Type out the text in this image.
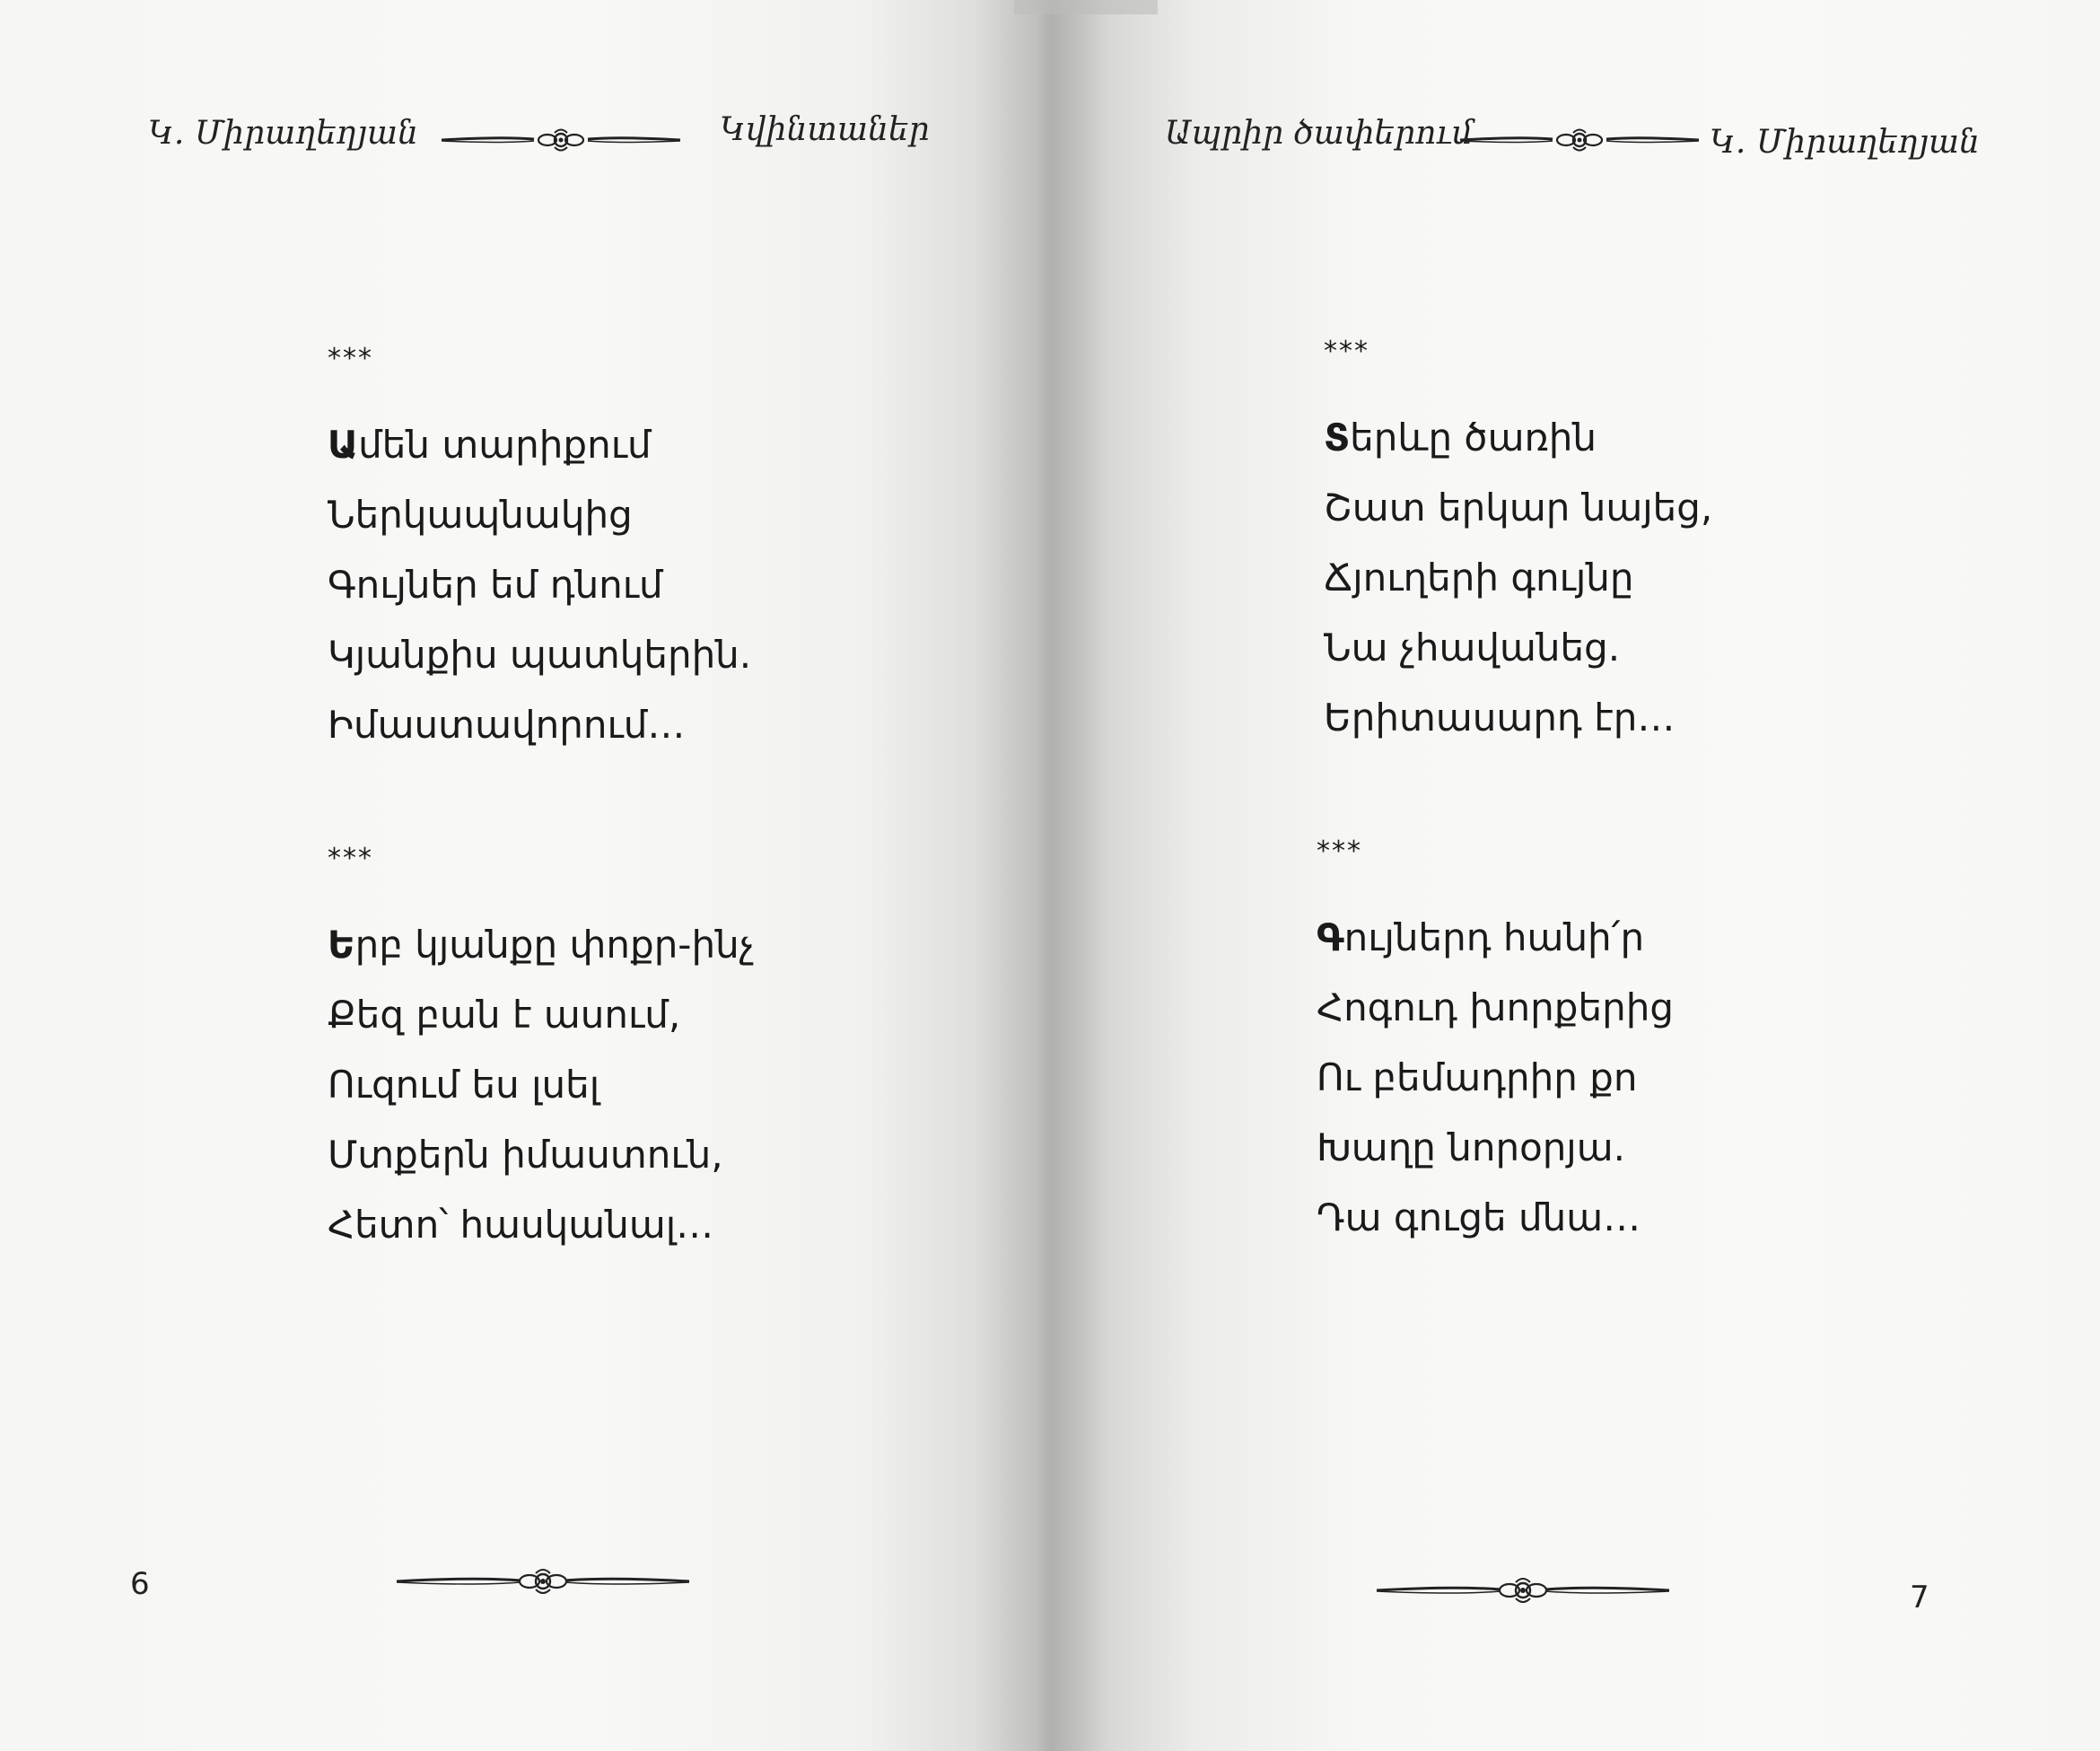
Կ. Միրաղեղյան	Կվինտաներ
***
Ամեն տարիքում
Ներկապնակից
Գույներ եմ դնում
Կյանքիս պատկերին.
Իմաստավորում…
***
Երբ կյանքը փոքր-ինչ
Քեզ բան է ասում,
Ուզում ես լսել
Մտքերն իմաստուն,
Հետո՝ հասկանալ…
6
Ապրիր ծափերում	Կ. Միրաղեղյան
***
Տերևը ծառին
Շատ երկար նայեց,
Ճյուղերի գույնը
Նա չհավանեց.
Երիտասարդ էր…
***
Գույներդ հանի՛ր
Հոգուդ խորքերից
Ու բեմադրիր քո
Խաղը նորօրյա.
Դա գուցե մնա…
7
